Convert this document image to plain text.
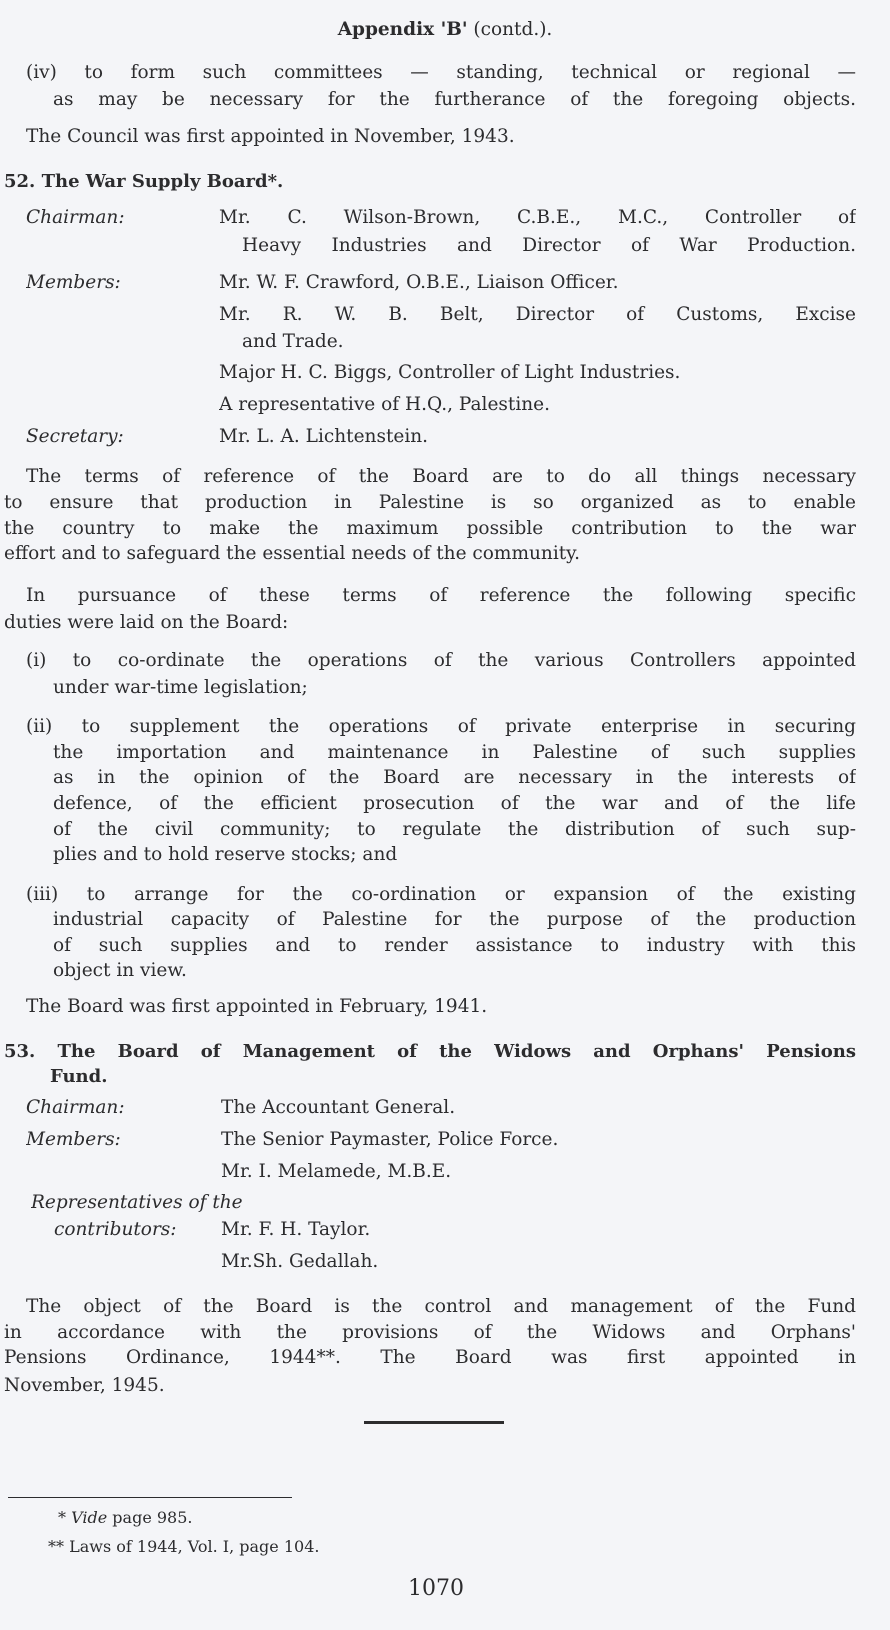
Appendix 'B' (contd.).
(iv) to form such committees — standing, technical or regional —
as may be necessary for the furtherance of the foregoing objects.
The Council was first appointed in November, 1943.
52. The War Supply Board*.
Chairman:	Mr. C. Wilson-Brown, C.B.E., M.C., Controller of
Heavy Industries and Director of War Production.
Members:	Mr. W. F. Crawford, O.B.E., Liaison Officer.
Mr. R. W. B. Belt, Director of Customs, Excise
and Trade.
Major H. C. Biggs, Controller of Light Industries.
A representative of H.Q., Palestine.
Secretary:	Mr. L. A. Lichtenstein.
The terms of reference of the Board are to do all things necessary
to ensure that production in Palestine is so organized as to enable
the country to make the maximum possible contribution to the war
effort and to safeguard the essential needs of the community.
In pursuance of these terms of reference the following specific
duties were laid on the Board:
(i) to co-ordinate the operations of the various Controllers appointed
under war-time legislation;
(ii) to supplement the operations of private enterprise in securing
the importation and maintenance in Palestine of such supplies
as in the opinion of the Board are necessary in the interests of
defence, of the efficient prosecution of the war and of the life
of the civil community; to regulate the distribution of such sup-
plies and to hold reserve stocks; and
(iii) to arrange for the co-ordination or expansion of the existing
industrial capacity of Palestine for the purpose of the production
of such supplies and to render assistance to industry with this
object in view.
The Board was first appointed in February, 1941.
53. The Board of Management of the Widows and Orphans' Pensions
Fund.
Chairman:	The Accountant General.
Members:	The Senior Paymaster, Police Force.
Mr. I. Melamede, M.B.E.
Representatives of the
contributors: Mr. F. H. Taylor.
Mr.Sh. Gedallah.
The object of the Board is the control and management of the Fund
in accordance with the provisions of the Widows and Orphans'
Pensions Ordinance, 1944**. The Board was first appointed in
November, 1945.
* Vide page 985.
** Laws of 1944, Vol. I, page 104.
1070
